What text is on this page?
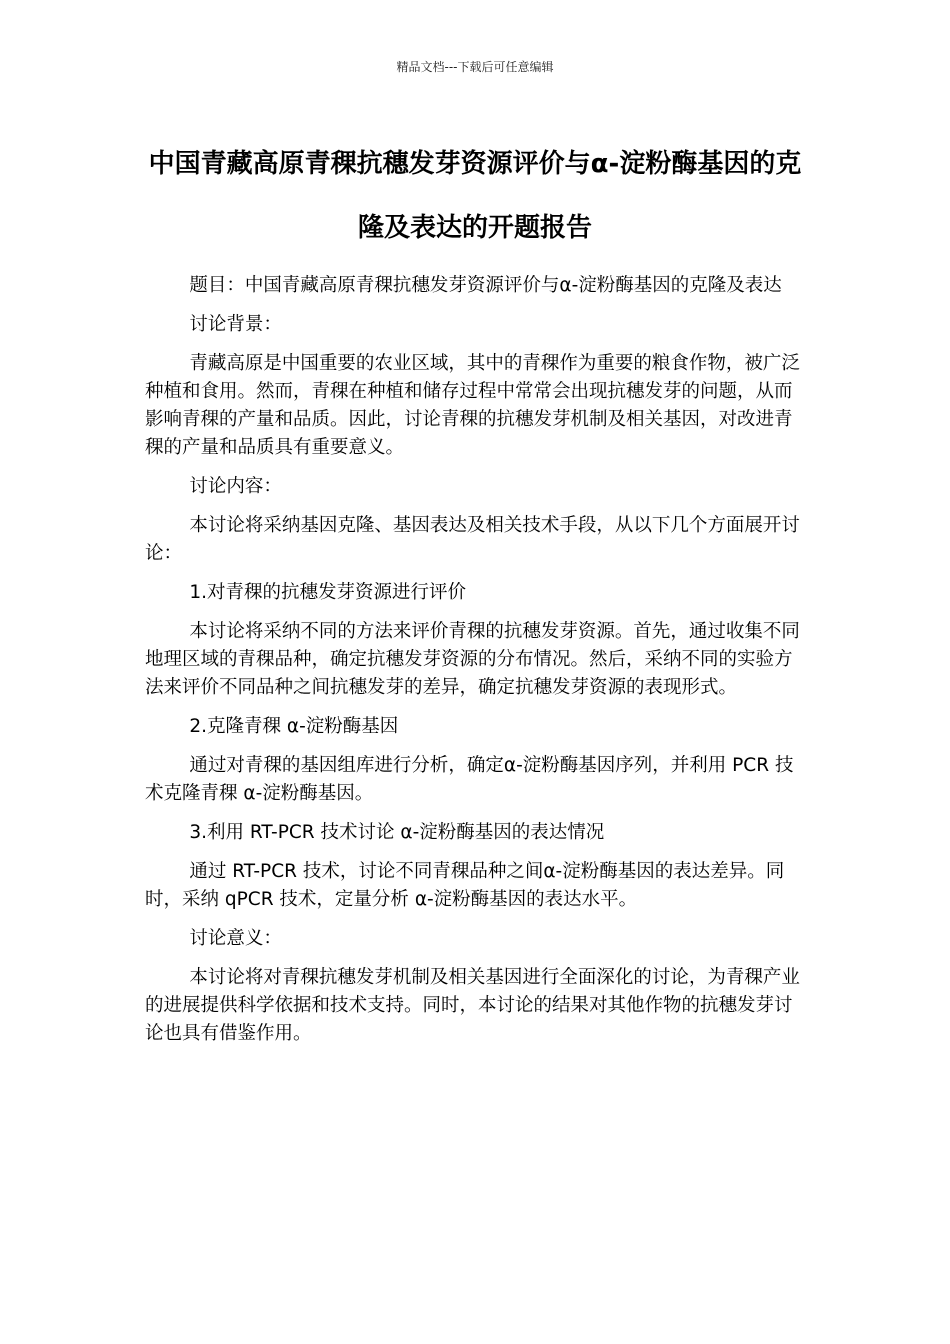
精品文档---下载后可任意编辑
中国青藏高原青稞抗穗发芽资源评价与α-淀粉酶基因的克隆及表达的开题报告

题目：中国青藏高原青稞抗穗发芽资源评价与α-淀粉酶基因的克隆及表达

讨论背景：

青藏高原是中国重要的农业区域，其中的青稞作为重要的粮食作物，被广泛种植和食用。然而，青稞在种植和储存过程中常常会出现抗穗发芽的问题，从而影响青稞的产量和品质。因此，讨论青稞的抗穗发芽机制及相关基因，对改进青稞的产量和品质具有重要意义。

讨论内容：

本讨论将采纳基因克隆、基因表达及相关技术手段，从以下几个方面展开讨论：

1.对青稞的抗穗发芽资源进行评价

本讨论将采纳不同的方法来评价青稞的抗穗发芽资源。首先，通过收集不同地理区域的青稞品种，确定抗穗发芽资源的分布情况。然后，采纳不同的实验方法来评价不同品种之间抗穗发芽的差异，确定抗穗发芽资源的表现形式。

2.克隆青稞 α-淀粉酶基因

通过对青稞的基因组库进行分析，确定α-淀粉酶基因序列，并利用 PCR 技术克隆青稞 α-淀粉酶基因。

3.利用 RT-PCR 技术讨论 α-淀粉酶基因的表达情况

通过 RT-PCR 技术，讨论不同青稞品种之间α-淀粉酶基因的表达差异。同时，采纳 qPCR 技术，定量分析 α-淀粉酶基因的表达水平。

讨论意义：

本讨论将对青稞抗穗发芽机制及相关基因进行全面深化的讨论，为青稞产业的进展提供科学依据和技术支持。同时，本讨论的结果对其他作物的抗穗发芽讨论也具有借鉴作用。
